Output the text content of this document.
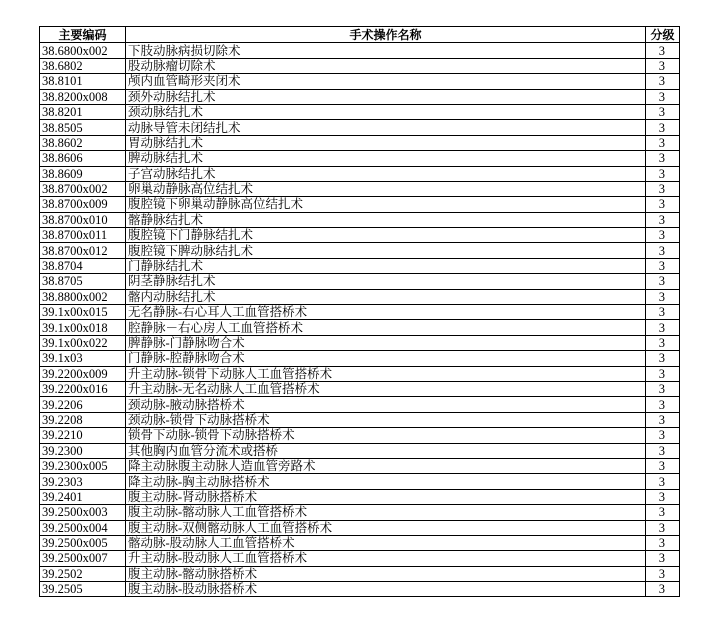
主要编码	手术操作名称	分级
38.6800x002	下肢动脉病损切除术	3
38.6802	股动脉瘤切除术	3
38.8101	颅内血管畸形夹闭术	3
38.8200x008	颈外动脉结扎术	3
38.8201	颈动脉结扎术	3
38.8505	动脉导管未闭结扎术	3
38.8602	胃动脉结扎术	3
38.8606	脾动脉结扎术	3
38.8609	子宫动脉结扎术	3
38.8700x002	卵巢动静脉高位结扎术	3
38.8700x009	腹腔镜下卵巢动静脉高位结扎术	3
38.8700x010	髂静脉结扎术	3
38.8700x011	腹腔镜下门静脉结扎术	3
38.8700x012	腹腔镜下脾动脉结扎术	3
38.8704	门静脉结扎术	3
38.8705	阴茎静脉结扎术	3
38.8800x002	髂内动脉结扎术	3
39.1x00x015	无名静脉-右心耳人工血管搭桥术	3
39.1x00x018	腔静脉－右心房人工血管搭桥术	3
39.1x00x022	脾静脉-门静脉吻合术	3
39.1x03	门静脉-腔静脉吻合术	3
39.2200x009	升主动脉-锁骨下动脉人工血管搭桥术	3
39.2200x016	升主动脉-无名动脉人工血管搭桥术	3
39.2206	颈动脉-腋动脉搭桥术	3
39.2208	颈动脉-锁骨下动脉搭桥术	3
39.2210	锁骨下动脉-锁骨下动脉搭桥术	3
39.2300	其他胸内血管分流术或搭桥	3
39.2300x005	降主动脉腹主动脉人造血管旁路术	3
39.2303	降主动脉-胸主动脉搭桥术	3
39.2401	腹主动脉-肾动脉搭桥术	3
39.2500x003	腹主动脉-髂动脉人工血管搭桥术	3
39.2500x004	腹主动脉-双侧髂动脉人工血管搭桥术	3
39.2500x005	髂动脉-股动脉人工血管搭桥术	3
39.2500x007	升主动脉-股动脉人工血管搭桥术	3
39.2502	腹主动脉-髂动脉搭桥术	3
39.2505	腹主动脉-股动脉搭桥术	3
